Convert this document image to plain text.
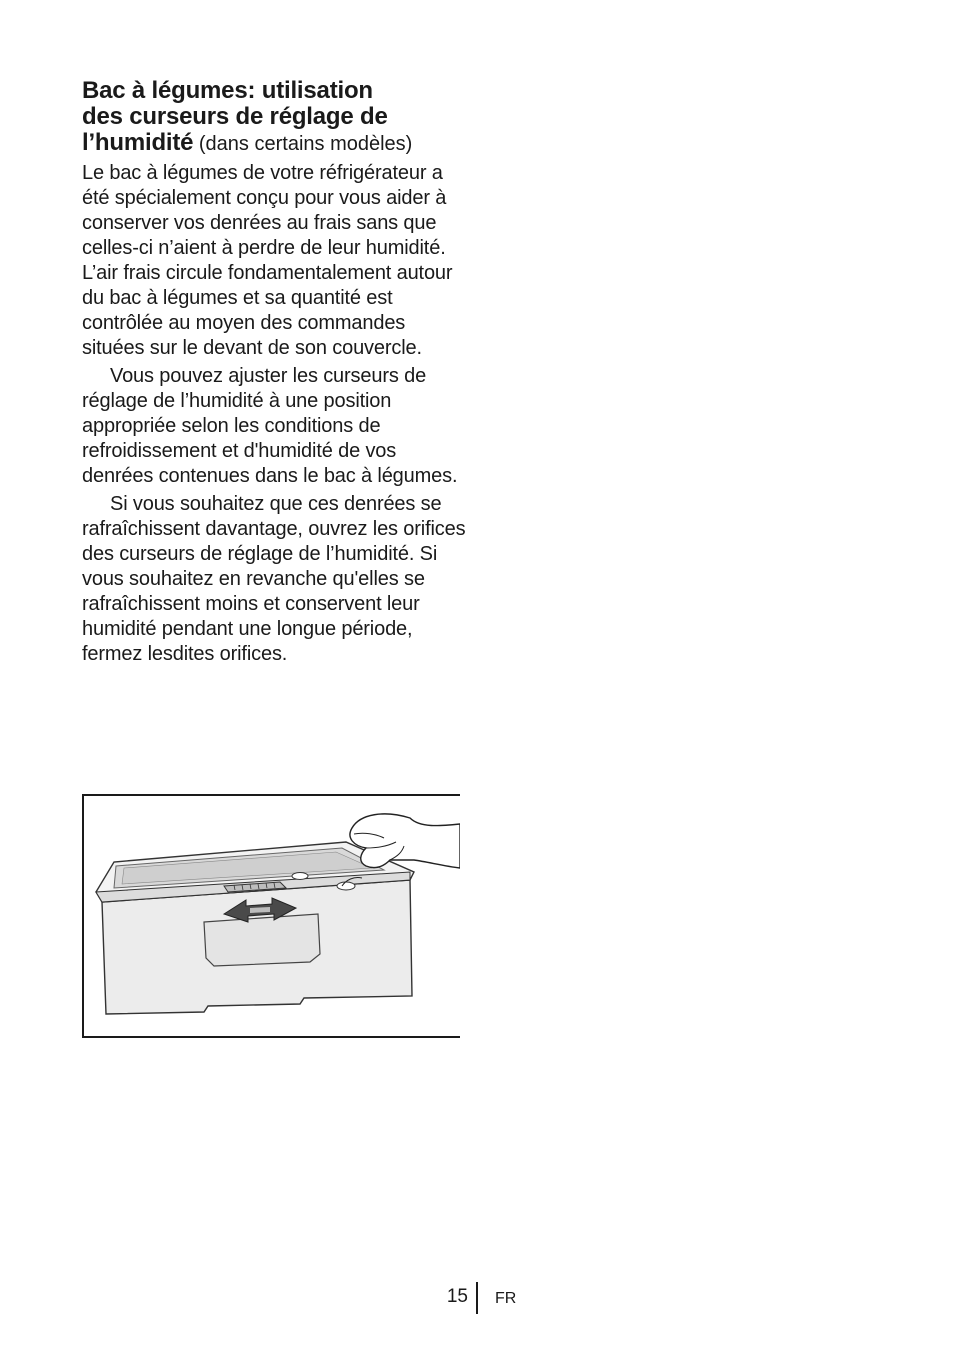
Bac à légumes: utilisation
des curseurs de réglage de
l’humidité (dans certains modèles)

Le bac à légumes de votre réfrigérateur a été spécialement conçu pour vous aider à conserver vos denrées au frais sans que celles-ci n’aient à perdre de leur humidité. L’air frais circule fondamentalement autour du bac à légumes et sa quantité est contrôlée au moyen des commandes situées sur le devant de son couvercle.

Vous pouvez ajuster les curseurs de réglage de l’humidité à une position appropriée selon les conditions de refroidissement et d'humidité de vos denrées contenues dans le bac à légumes.

Si vous souhaitez que ces denrées se rafraîchissent davantage, ouvrez les orifices des curseurs de réglage de l’humidité. Si vous souhaitez en revanche qu'elles se rafraîchissent moins et conservent leur humidité pendant une longue période, fermez lesdites orifices.

15 FR
